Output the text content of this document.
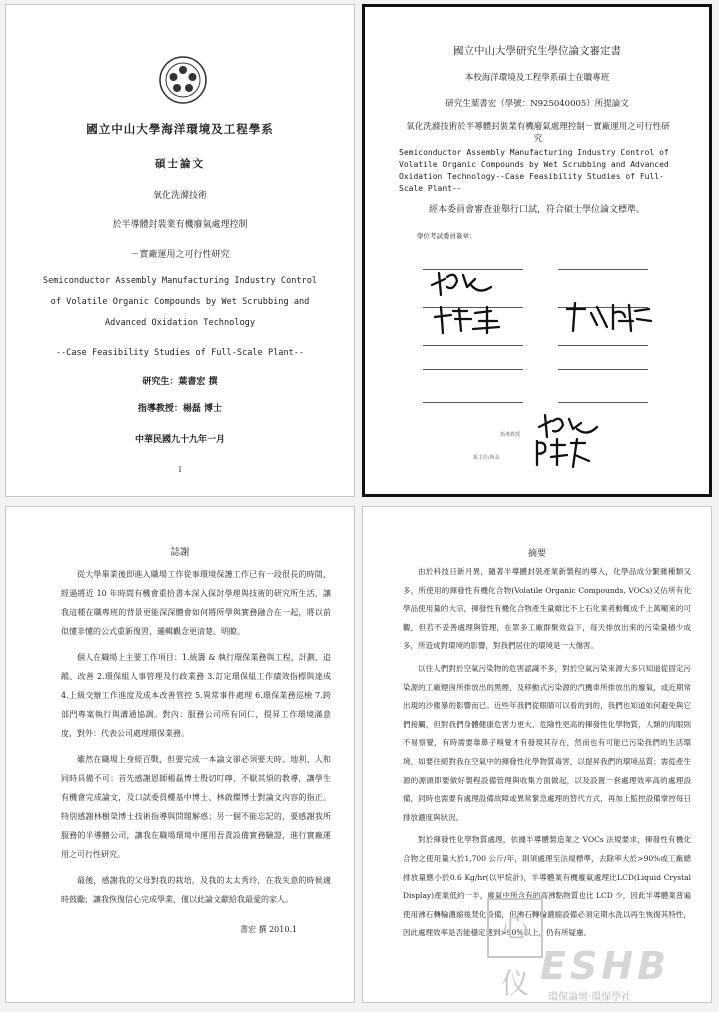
國立中山大學海洋環境及工程學系
碩士論文
氧化洗滌技術
於半導體封裝業有機廢氣處理控制
－實廠運用之可行性研究
Semiconductor Assembly Manufacturing Industry Control
of Volatile Organic Compounds by Wet Scrubbing and
Advanced Oxidation Technology
--Case Feasibility Studies of Full-Scale Plant--
研究生：葉書宏 撰
指導教授：楊磊 博士
中華民國九十九年一月
I
國立中山大學研究生學位論文審定書
本校海洋環境及工程學系碩士在職專班
研究生葉書宏（學號：N925040005）所提論文
氧化洗滌技術於半導體封裝業有機廢氣處理控制－實廠運用之可行性研究
Semiconductor Assembly Manufacturing Industry Control of Volatile Organic Compounds by Wet Scrubbing and Advanced Oxidation Technology--Case Feasibility Studies of Full-Scale Plant--
經本委員會審查並舉行口試，符合碩士學位論文標準。
學位考試委員簽章：
指導教授
系主任/所長
誌謝

從大學畢業後即進入職場工作從事環境保護工作已有一段很長的時間，經過將近 10 年時間有機會重拾書本深入探討學理與技術的研究所生活，讓我這種在職專班的背景更能深深體會如何將所學與實務融合在一起，將以前似懂非懂的公式重新復習，邏輯觀念更清楚、明瞭。

個人在職場上主要工作項目：1.統籌 & 執行環保業務與工程，計劃、追蹤、改善 2.環保組人事管理及行政業務 3.訂定環保組工作績效指標與達成 4.上級交辦工作進度及成本改善管控 5.異常事件處理 6.環保業務巡檢 7.跨部門專案執行與溝通協調。對內：服務公司所有同仁，提昇工作環境滿意度，對外：代表公司處理環保業務。

雖然在職場上身經百戰，但要完成一本論文卻必須要天時、地利、人和同時具備不可：首先感謝恩師楊磊博士殷切叮嚀、不厭其煩的教導，讓學生有機會完成論文，及口試委員樓基中博士、林啟燦博士對論文內容的指正。特別感謝林樹榮博士技術指導與問題解惑；另一個不能忘記的，要感謝我所服務的半導體公司，讓我在職場環境中運用吾責設備實務驗證，進行實廠運用之可行性研究。

最後，感謝我的父母對我的栽培，及我的太太秀玲，在我失意的時候適時鼓勵，讓我恢復信心完成學業，僅以此論文獻給我最愛的家人。

書宏 撰 2010.1
摘要

由於科技日新月異，隨著半導體封裝產業新製程的導入，化學品成分繁雜種類又多，所使用的揮發性有機化合物(Volatile Organic Compounds, VOCs)又佔所有化學品使用量的大宗，揮發性有機化合物產生量雖比不上石化業者動輒成千上萬噸來的可觀，但若不妥善處理與管理，在眾多工廠群聚效益下，每天排放出來的污染量積少成多，所造成對環境的影響，對我們居住的環境是一大傷害。

以往人們對於空氣污染物的危害認識不多，對於空氣污染來源大多只知道從固定污染源的工廠煙囪所排放出的黑煙，及移動式污染源的汽機車所排放出的廢氣，或近期常出現的沙塵暴的影響而已。近些年我們從眼睛可以看的到的，我們也知道如何避免與它們接觸，但對我們身體健康危害力更大、危險性更高的揮發性化學物質，人類的肉眼則不易察覺，有時需要靠鼻子嗅覺才有發現其存在，然而也有可能已污染我們的生活環境，如要往絕對我在空氣中的揮發性化學物質毒害，以提昇我們的環境品質；需從產生源的源頭即要做好製程設備管理與收集方面做起，以及設置一套處理效率高的處理設備，同時也需要有處理設備故障或異常緊急處理的替代方式，再加上監控設備掌控每日排放濃度與狀況。

對於揮發性化學物質處理，依據半導體製造業之 VOCs 法規要求，揮發性有機化合物之使用量大於1,700 公斤/年，則須處理至法規標準，去除率大於>90%或工廠總排放量應小於0.6 Kg/hr(以甲烷計)，半導體業有機廢氣處理比LCD(Liquid Crystal Display)產業低約一半，廢氣中所含有的高沸點物質也比 LCD 少，因此半導體業普遍使用沸石轉輪濃縮後焚化設備，但沸石轉輪濃縮設備必須定期水洗以再生恢復其特性，因此處理效率是否能穩定達到>90%以上，仍有所疑慮。

心仪 ESHB
環保論壇·環保學社
